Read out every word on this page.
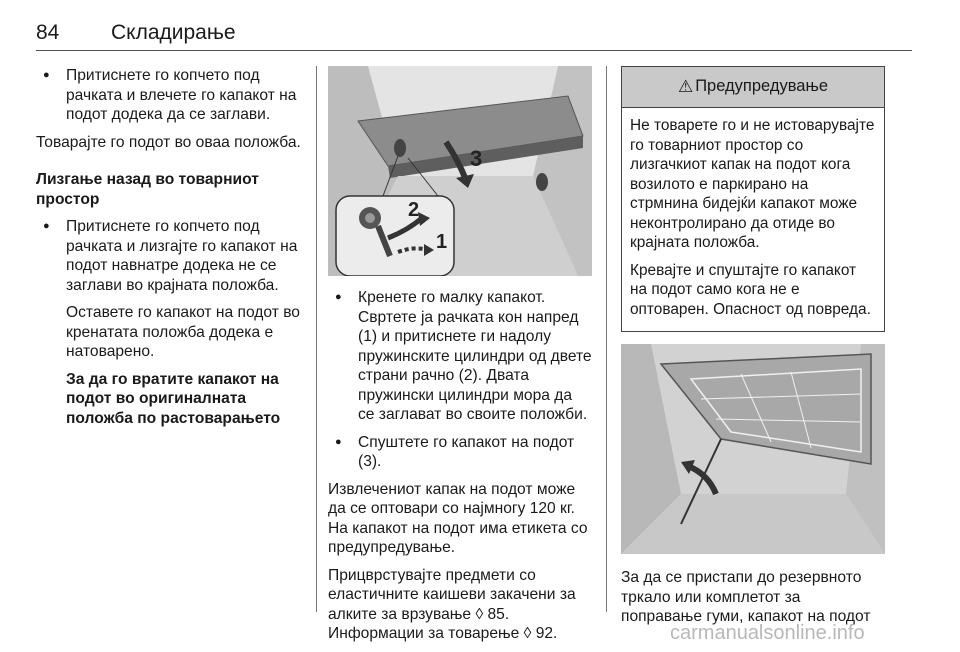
84 Складирање
● Притиснете го копчето под рачката и влечете го капакот на подот додека да се заглави.
Товарајте го подот во оваа положба.
Лизгање назад во товарниот простор
● Притиснете го копчето под рачката и лизгајте го капакот на подот навнатре додека не се заглави во крајната положба.
Оставете го капакот на подот во кренатата положба додека е натоварено.
За да го вратите капакот на подот во оригиналната положба по растоварањето
3
2
1
● Кренете го малку капакот. Свртете ја рачката кон напред (1) и притиснете ги надолу пружинските цилиндри од двете страни рачно (2). Двата пружински цилиндри мора да се заглават во своите положби.
● Спуштете го капакот на подот (3).
Извлечениот капак на подот може да се оптовари со најмногу 120 кг. На капакот на подот има етикета со предупредување.
Прицврстувајте предмети со еластичните каишеви закачени за алките за врзување ◊ 85. Информации за товарење ◊ 92.
⚠ Предупредување

Не товарете го и не истоварувајте го товарниот простор со лизгачкиот капак на подот кога возилото е паркирано на стрмнина бидејќи капакот може неконтролирано да отиде во крајната положба.

Кревајте и спуштајте го капакот на подот само кога не е оптоварен. Опасност од повреда.

За да се пристапи до резервното тркало или комплетот за поправање гуми, капакот на подот
carmanualsonline.info
